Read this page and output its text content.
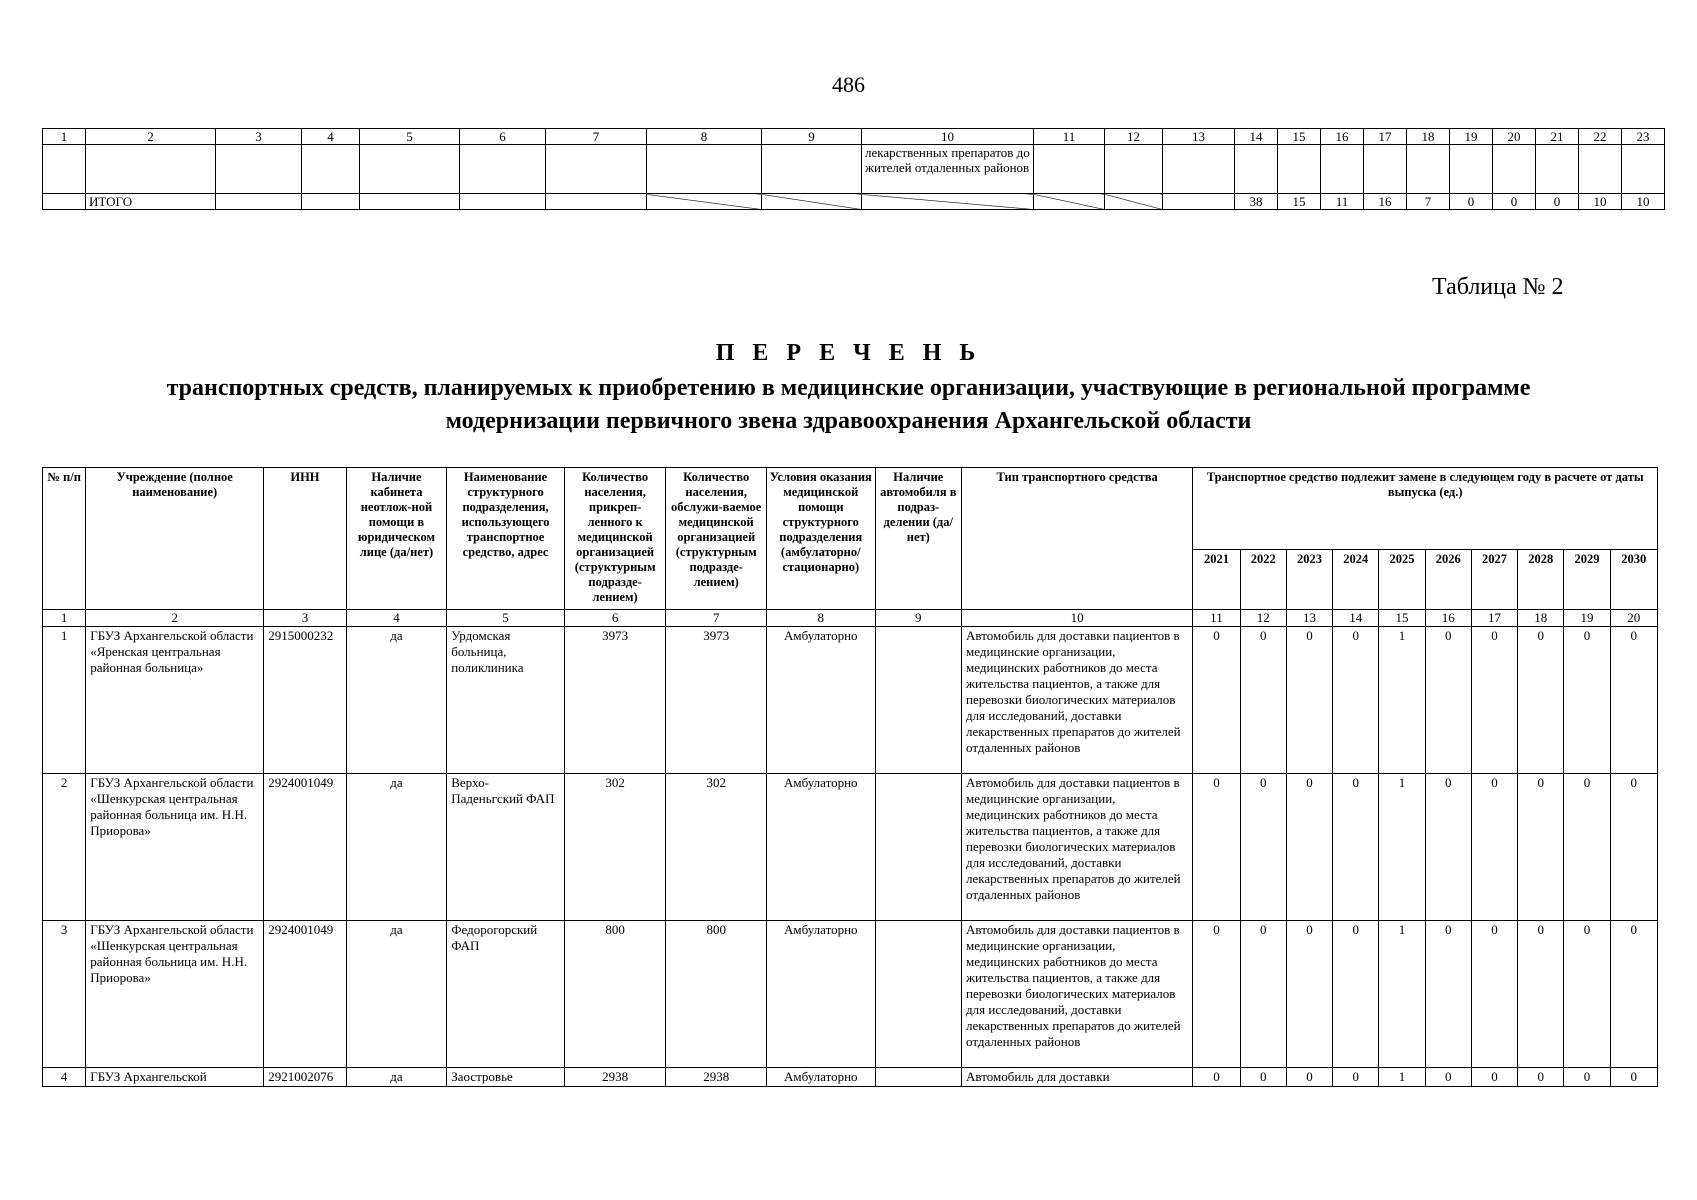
486
1	2	3	4	5	6	7	8	9	10	11	12	13	14	15	16	17	18	19	20	21	22	23
									лекарственных препаратов до жителей отдаленных районов													
	ИТОГО												38	15	11	16	7	0	0	0	10	10
Таблица № 2
П Е Р Е Ч Е Н Ь
транспортных средств, планируемых к приобретению в медицинские организации, участвующие в региональной программе модернизации первичного звена здравоохранения Архангельской области
№ п/п	Учреждение (полное наименование)	ИНН	Наличие кабинета неотлож-ной помощи в юридическом лице (да/нет)	Наименование структурного подразделения, использующего транспортное средство, адрес	Количество населения, прикреп-ленного к медицинской организацией (структурным подразде-лением)	Количество населения, обслужи-ваемое медицинской организацией (структурным подразде-лением)	Условия оказания медицинской помощи структурного подразделения (амбулаторно/ стационарно)	Наличие автомобиля в подраз-делении (да/нет)	Тип транспортного средства	Транспортное средство подлежит замене в следующем году в расчете от даты выпуска (ед.)									
										2021	2022	2023	2024	2025	2026	2027	2028	2029	2030
1	2	3	4	5	6	7	8	9	10	11	12	13	14	15	16	17	18	19	20
1	ГБУЗ Архангельской области «Яренская центральная районная больница»	2915000232	да	Урдомская больница, поликлиника	3973	3973	Амбулаторно		Автомобиль для доставки пациентов в медицинские организации, медицинских работников до места жительства пациентов, а также для перевозки биологических материалов для исследований, доставки лекарственных препаратов до жителей отдаленных районов	0	0	0	0	1	0	0	0	0	0
2	ГБУЗ Архангельской области «Шенкурская центральная районная больница им. Н.Н. Приорова»	2924001049	да	Верхо-Паденьгский ФАП	302	302	Амбулаторно		Автомобиль для доставки пациентов в медицинские организации, медицинских работников до места жительства пациентов, а также для перевозки биологических материалов для исследований, доставки лекарственных препаратов до жителей отдаленных районов	0	0	0	0	1	0	0	0	0	0
3	ГБУЗ Архангельской области «Шенкурская центральная районная больница им. Н.Н. Приорова»	2924001049	да	Федорогорский ФАП	800	800	Амбулаторно		Автомобиль для доставки пациентов в медицинские организации, медицинских работников до места жительства пациентов, а также для перевозки биологических материалов для исследований, доставки лекарственных препаратов до жителей отдаленных районов	0	0	0	0	1	0	0	0	0	0
4	ГБУЗ Архангельской	2921002076	да	Заостровье	2938	2938	Амбулаторно		Автомобиль для доставки	0	0	0	0	1	0	0	0	0	0
